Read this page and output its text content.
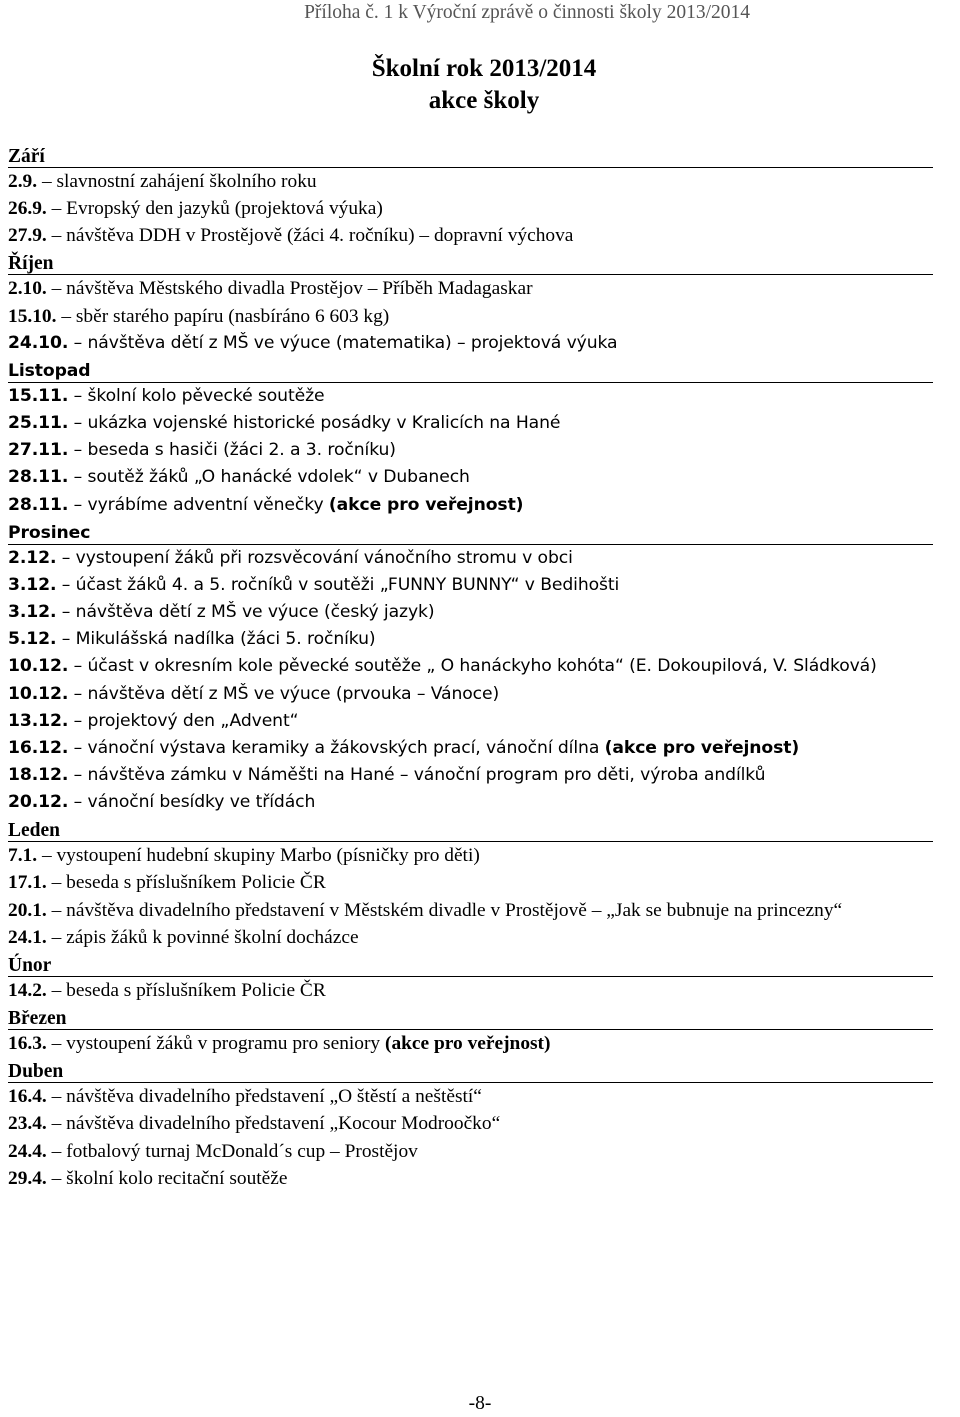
Příloha č. 1 k Výroční zprávě o činnosti školy 2013/2014
Školní rok 2013/2014
akce školy
Září
2.9. – slavnostní zahájení školního roku
26.9. – Evropský den jazyků (projektová výuka)
27.9. – návštěva DDH v Prostějově (žáci 4. ročníku) – dopravní výchova
Říjen
2.10. – návštěva Městského divadla Prostějov – Příběh Madagaskar
15.10. – sběr starého papíru (nasbíráno 6 603 kg)
24.10. – návštěva dětí z MŠ ve výuce (matematika) – projektová výuka
Listopad
15.11. – školní kolo pěvecké soutěže
25.11. – ukázka vojenské historické posádky v Kralicích na Hané
27.11. – beseda s hasiči (žáci 2. a 3. ročníku)
28.11. – soutěž žáků „O hanácké vdolek“ v Dubanech
28.11. – vyrábíme adventní věnečky (akce pro veřejnost)
Prosinec
2.12. – vystoupení žáků při rozsvěcování vánočního stromu v obci
3.12. – účast žáků 4. a 5. ročníků v soutěži „FUNNY BUNNY“ v Bedihošti
3.12. – návštěva dětí z MŠ ve výuce (český jazyk)
5.12. – Mikulášská nadílka (žáci 5. ročníku)
10.12. – účast v okresním kole pěvecké soutěže „ O hanáckyho kohóta“ (E. Dokoupilová, V. Sládková)
10.12. – návštěva dětí z MŠ ve výuce (prvouka – Vánoce)
13.12. – projektový den „Advent“
16.12. – vánoční výstava keramiky a žákovských prací, vánoční dílna (akce pro veřejnost)
18.12. – návštěva zámku v Náměšti na Hané – vánoční program pro děti, výroba andílků
20.12. – vánoční besídky ve třídách
Leden
7.1. – vystoupení hudební skupiny Marbo (písničky pro děti)
17.1. – beseda s příslušníkem Policie ČR
20.1. – návštěva divadelního představení v Městském divadle v Prostějově – „Jak se bubnuje na princezny“
24.1. – zápis žáků k povinné školní docházce
Únor
14.2. – beseda s příslušníkem Policie ČR
Březen
16.3. – vystoupení žáků v programu pro seniory (akce pro veřejnost)
Duben
16.4. – návštěva divadelního představení „O štěstí a neštěstí“
23.4. – návštěva divadelního představení „Kocour Modroočko“
24.4. – fotbalový turnaj McDonald´s cup – Prostějov
29.4. – školní kolo recitační soutěže
-8-
